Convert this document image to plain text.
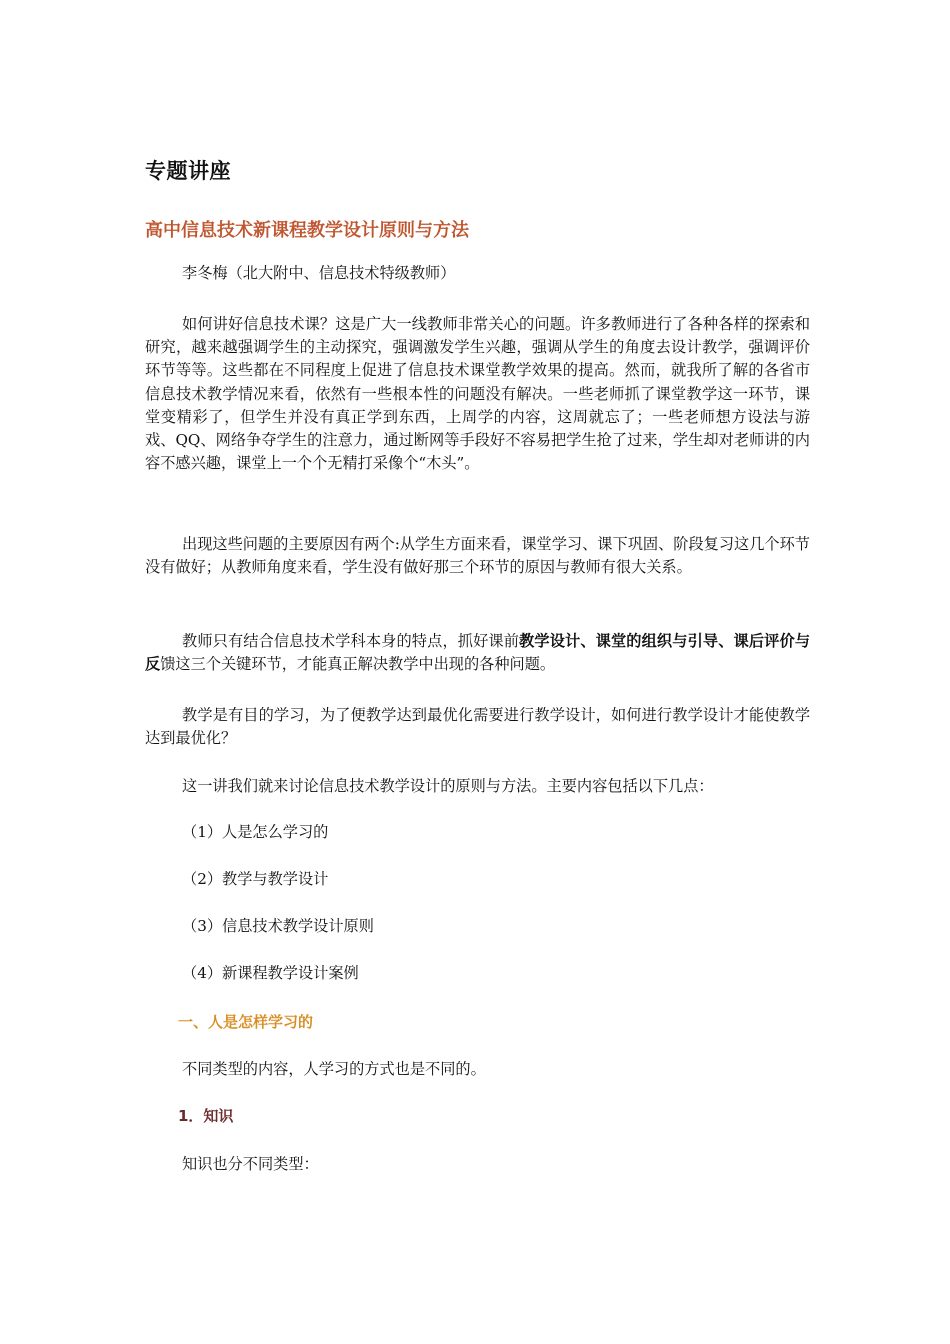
专题讲座
高中信息技术新课程教学设计原则与方法

李冬梅（北大附中、信息技术特级教师）

如何讲好信息技术课？这是广大一线教师非常关心的问题。许多教师进行了各种各样的探索和研究，越来越强调学生的主动探究，强调激发学生兴趣，强调从学生的角度去设计教学，强调评价环节等等。这些都在不同程度上促进了信息技术课堂教学效果的提高。然而，就我所了解的各省市信息技术教学情况来看，依然有一些根本性的问题没有解决。一些老师抓了课堂教学这一环节，课堂变精彩了，但学生并没有真正学到东西，上周学的内容，这周就忘了；一些老师想方设法与游戏、QQ、网络争夺学生的注意力，通过断网等手段好不容易把学生抢了过来，学生却对老师讲的内容不感兴趣，课堂上一个个无精打采像个“木头”。

出现这些问题的主要原因有两个:从学生方面来看，课堂学习、课下巩固、阶段复习这几个环节没有做好；从教师角度来看，学生没有做好那三个环节的原因与教师有很大关系。

教师只有结合信息技术学科本身的特点，抓好课前教学设计、课堂的组织与引导、课后评价与反馈这三个关键环节，才能真正解决教学中出现的各种问题。

教学是有目的学习，为了便教学达到最优化需要进行教学设计，如何进行教学设计才能使教学达到最优化？

这一讲我们就来讨论信息技术教学设计的原则与方法。主要内容包括以下几点：

（1）人是怎么学习的

（2）教学与教学设计

（3）信息技术教学设计原则

（4）新课程教学设计案例

一、人是怎样学习的

不同类型的内容，人学习的方式也是不同的。

1．知识

知识也分不同类型：
